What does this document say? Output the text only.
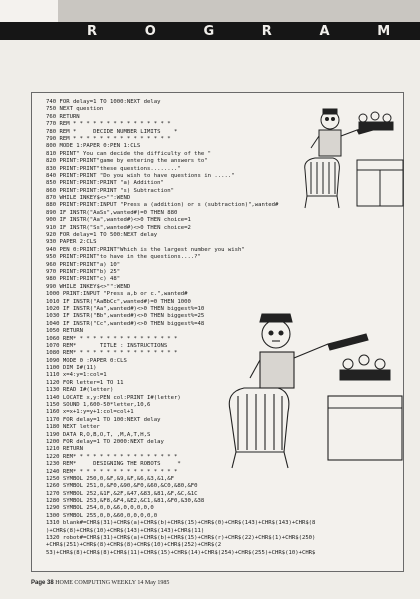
P	R	O	G	R	A	M
740 FOR delay=1 TO 1000:NEXT delay
750 NEXT question
760 RETURN
770 REM * * * * * * * * * * * * * * *
780 REM *     DECIDE NUMBER LIMITS    *
790 REM * * * * * * * * * * * * * * *
800 MODE 1:PAPER 0:PEN 1:CLS
810 PRINT" You can decide the difficulty of the "
820 PRINT:PRINT"game by entering the answers to"
830 PRINT:PRINT"these questions........"
840 PRINT:PRINT "Do you wish to have questions in ....."
850 PRINT:PRINT:PRINT "a) Addition"
860 PRINT:PRINT:PRINT "s) Subtraction"
870 WHILE INKEY$<>"":WEND
880 PRINT:PRINT:INPUT "Press a (addition) or s (subtraction)",wanted#
890 IF INSTR("AaSs",wanted#)=0 THEN 880
900 IF INSTR("Aa",wanted#)<>0 THEN choice=1
910 IF INSTR("Ss",wanted#)<>0 THEN choice=2
920 FOR delay=1 TO 500:NEXT delay
930 PAPER 2:CLS
940 PEN 0:PRINT:PRINT"Which is the largest number you wish"
950 PRINT:PRINT"to have in the questions....?"
960 PRINT:PRINT"a) 10"
970 PRINT:PRINT"b) 25"
980 PRINT:PRINT"c) 48"
990 WHILE INKEY$<>"":WEND
1000 PRINT:INPUT "Press a,b or c.",wanted#
1010 IF INSTR("AaBbCc",wanted#)=0 THEN 1000
1020 IF INSTR("Aa",wanted#)<>0 THEN biggest%=10
1030 IF INSTR("Bb",wanted#)<>0 THEN biggest%=25
1040 IF INSTR("Cc",wanted#)<>0 THEN biggest%=48
1050 RETURN
1060 REM* * * * * * * * * * * * * * * *
1070 REM*       TITLE : INSTRUCTIONS
1080 REM* * * * * * * * * * * * * * * *
1090 MODE 0 :PAPER 0:CLS
1100 DIM I#(11)
1110 x=4:y=1:col=1
1120 FOR letter=1 TO 11
1130 READ I#(letter)
1140 LOCATE x,y:PEN col:PRINT I#(letter)
1150 SOUND 1,600-50*letter,10,6
1160 x=x+1:y=y+1:col=col+1
1170 FOR delay=1 TO 100:NEXT delay
1180 NEXT letter
1190 DATA R,O,B,O,T, ,M,A,T,H,S
1200 FOR delay=1 TO 2000:NEXT delay
1210 RETURN
1220 REM* * * * * * * * * * * * * * * *
1230 REM*     DESIGNING THE ROBOTS     *
1240 REM* * * * * * * * * * * * * * * *
1250 SYMBOL 250,0,&F,&9,&F,&6,&3,&1,&F
1260 SYMBOL 251,0,&F0,&90,&F0,&60,&C0,&80,&F0
1270 SYMBOL 252,&1F,&2F,&47,&83,&81,&F,&C,&1C
1280 SYMBOL 253,&F8,&F4,&E2,&C1,&81,&F0,&30,&38
1290 SYMBOL 254,0,0,&6,0,0,0,0,0
1300 SYMBOL 255,0,0,&60,0,0,0,0,0
1310 blank#=CHR$(31)+CHR$(a)+CHR$(b)+CHR$(15)+CHR$(0)+CHR$(143)+CHR$(143)+CHR$(8
)+CHR$(8)+CHR$(10)+CHR$(143)+CHR$(143)+CHR$(11)
1320 robot#=CHR$(31)+CHR$(a)+CHR$(b)+CHR$(15)+CHR$(r)+CHR$(22)+CHR$(1)+CHR$(250)
+CHR$(251)+CHR$(8)+CHR$(8)+CHR$(10)+CHR$(252)+CHR$(2
53)+CHR$(8)+CHR$(8)+CHR$(11)+CHR$(15)+CHR$(14)+CHR$(254)+CHR$(255)+CHR$(10)+CHR$
Page 38 HOME COMPUTING WEEKLY 14 May 1985
